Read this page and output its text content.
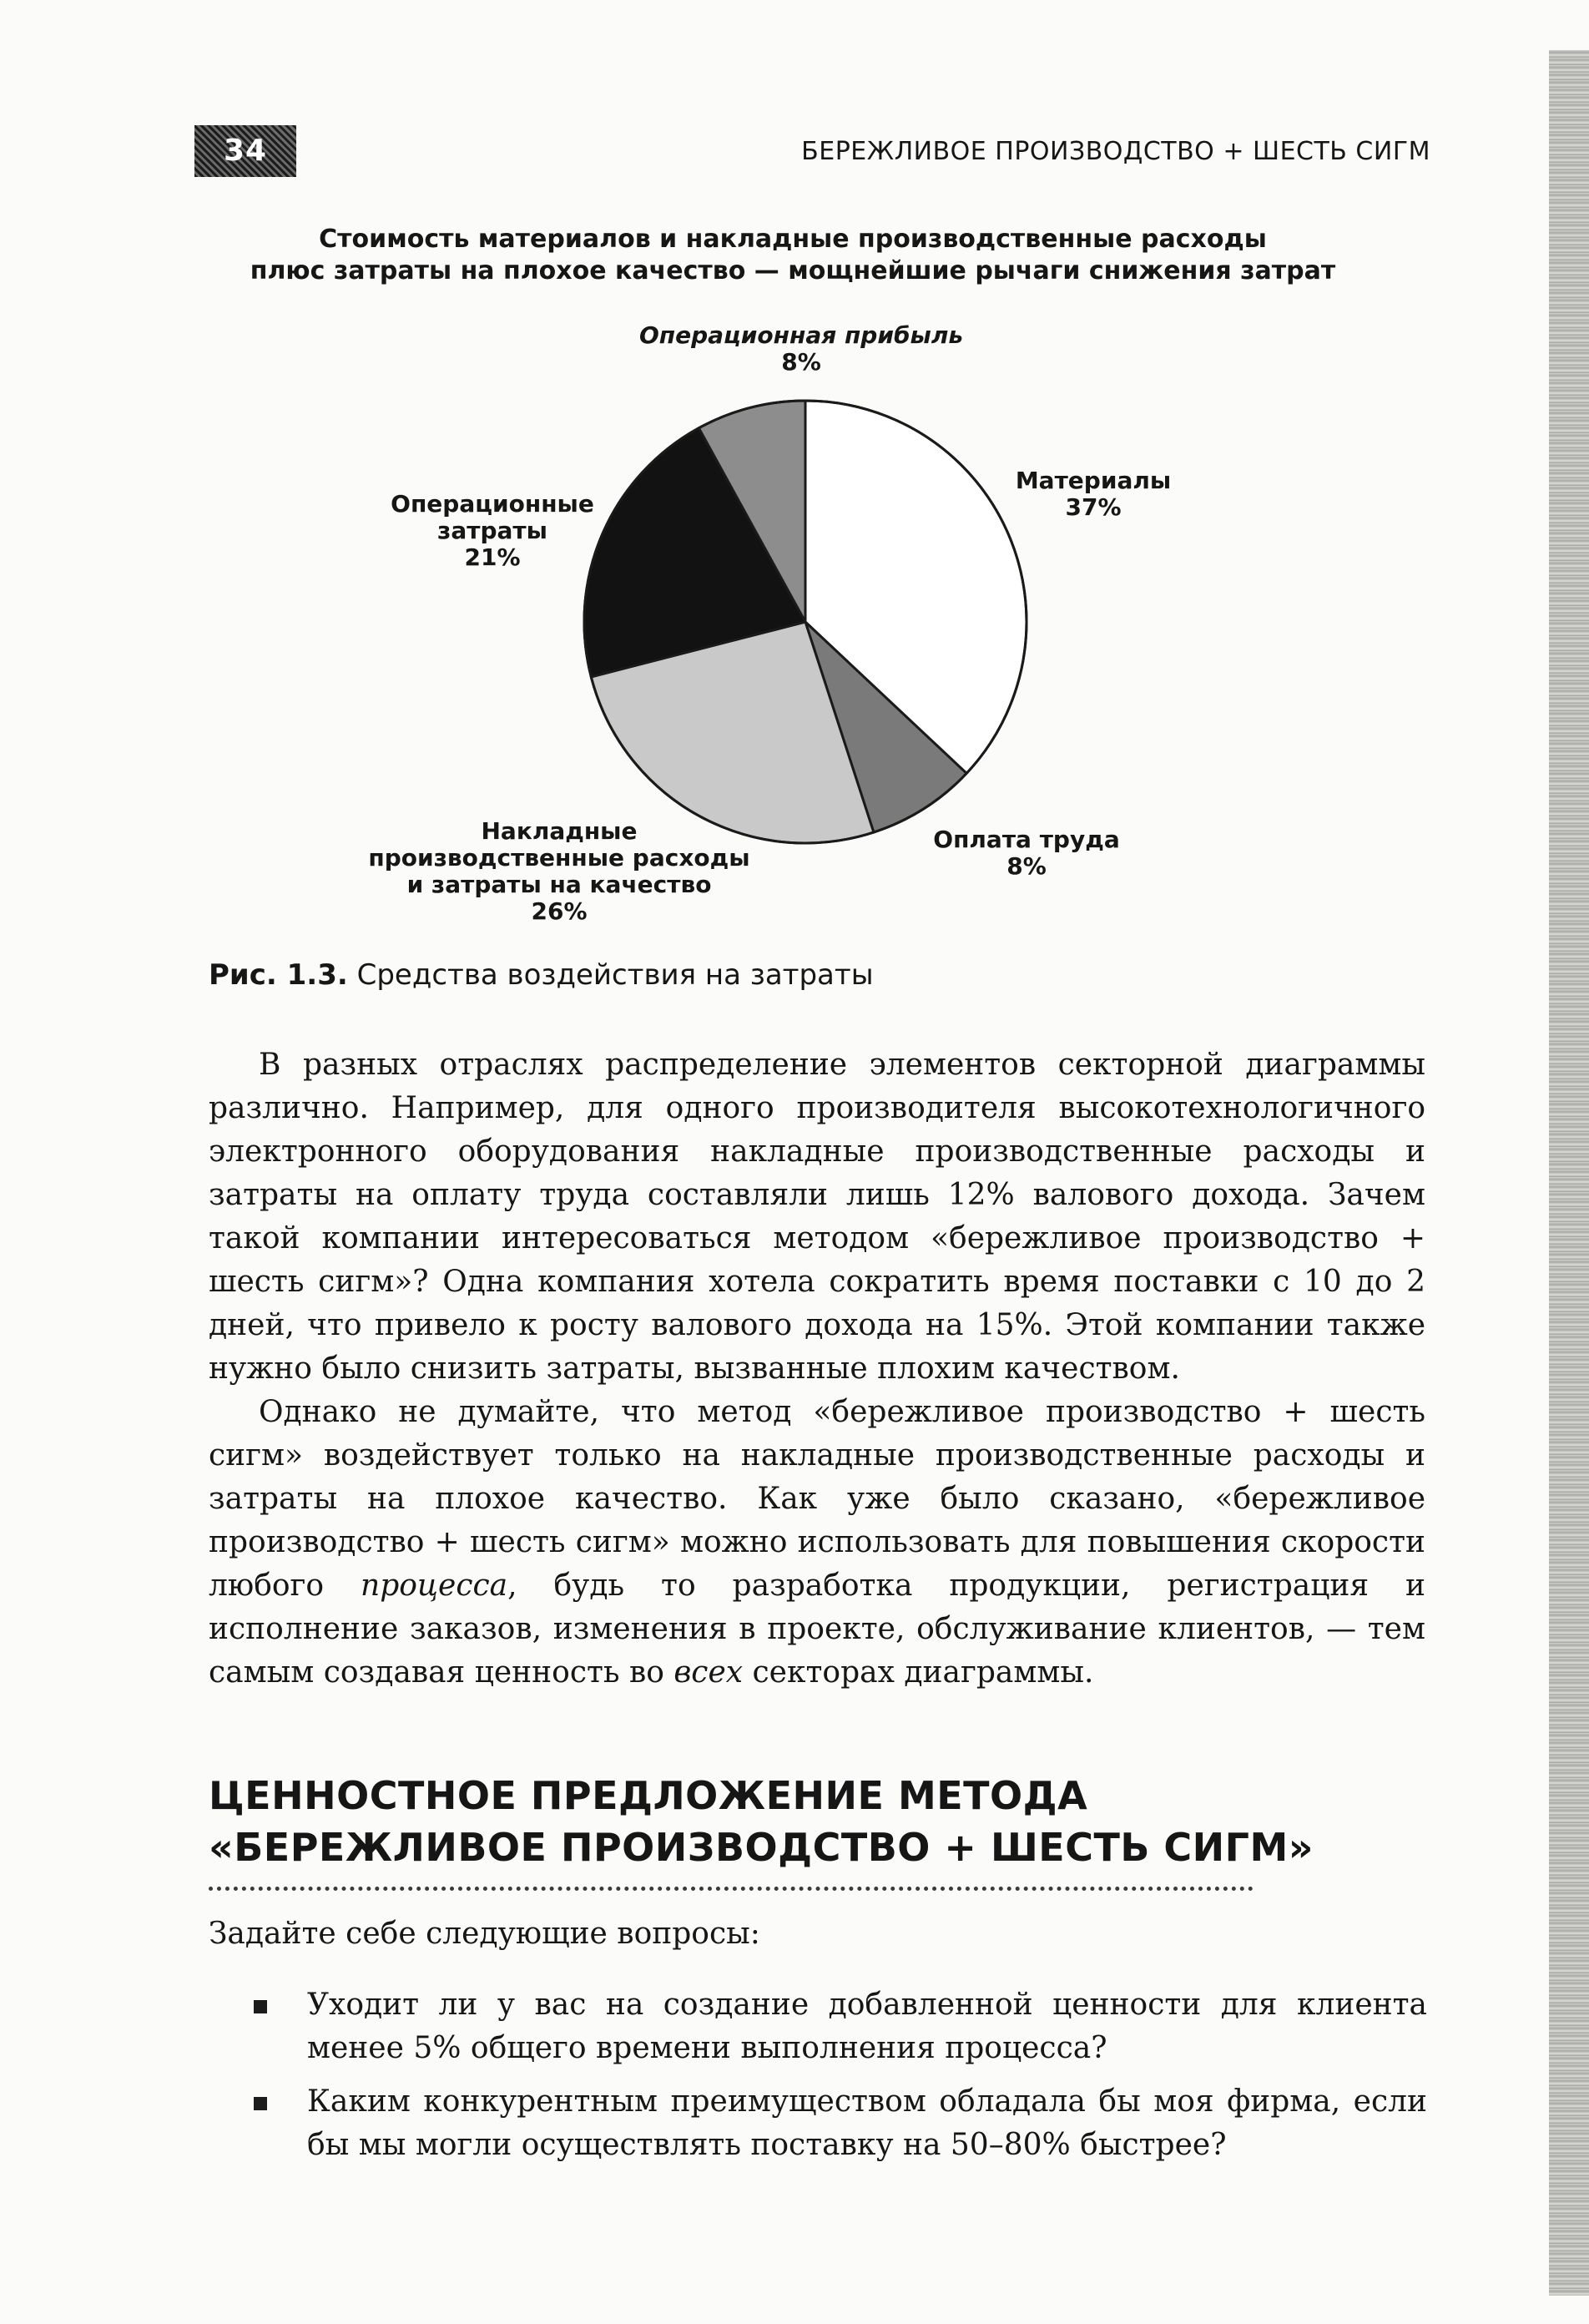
34	БЕРЕЖЛИВОЕ ПРОИЗВОДСТВО + ШЕСТЬ СИГМ
Стоимость материалов и накладные производственные расходы
плюс затраты на плохое качество — мощнейшие рычаги снижения затрат
Операционная прибыль
8%
Материалы
37%
Операционные
затраты
21%
Оплата труда
8%
Накладные
производственные расходы
и затраты на качество
26%
Рис. 1.3. Средства воздействия на затраты

В разных отраслях распределение элементов секторной диаграммы различно. Например, для одного производителя высокотехнологичного электронного оборудования накладные производственные расходы и затраты на оплату труда составляли лишь 12% валового дохода. Зачем такой компании интересоваться методом «бережливое производство + шесть сигм»? Одна компания хотела сократить время поставки с 10 до 2 дней, что привело к росту валового дохода на 15%. Этой компании также нужно было снизить затраты, вызванные плохим качеством.

Однако не думайте, что метод «бережливое производство + шесть сигм» воздействует только на накладные производственные расходы и затраты на плохое качество. Как уже было сказано, «бережливое производство + шесть сигм» можно использовать для повышения скорости любого процесса, будь то разработка продукции, регистрация и исполнение заказов, изменения в проекте, обслуживание клиентов, — тем самым создавая ценность во всех секторах диаграммы.

ЦЕННОСТНОЕ ПРЕДЛОЖЕНИЕ МЕТОДА
«БЕРЕЖЛИВОЕ ПРОИЗВОДСТВО + ШЕСТЬ СИГМ»
Задайте себе следующие вопросы:
Уходит ли у вас на создание добавленной ценности для клиента менее 5% общего времени выполнения процесса?
Каким конкурентным преимуществом обладала бы моя фирма, если бы мы могли осуществлять поставку на 50–80% быстрее?
